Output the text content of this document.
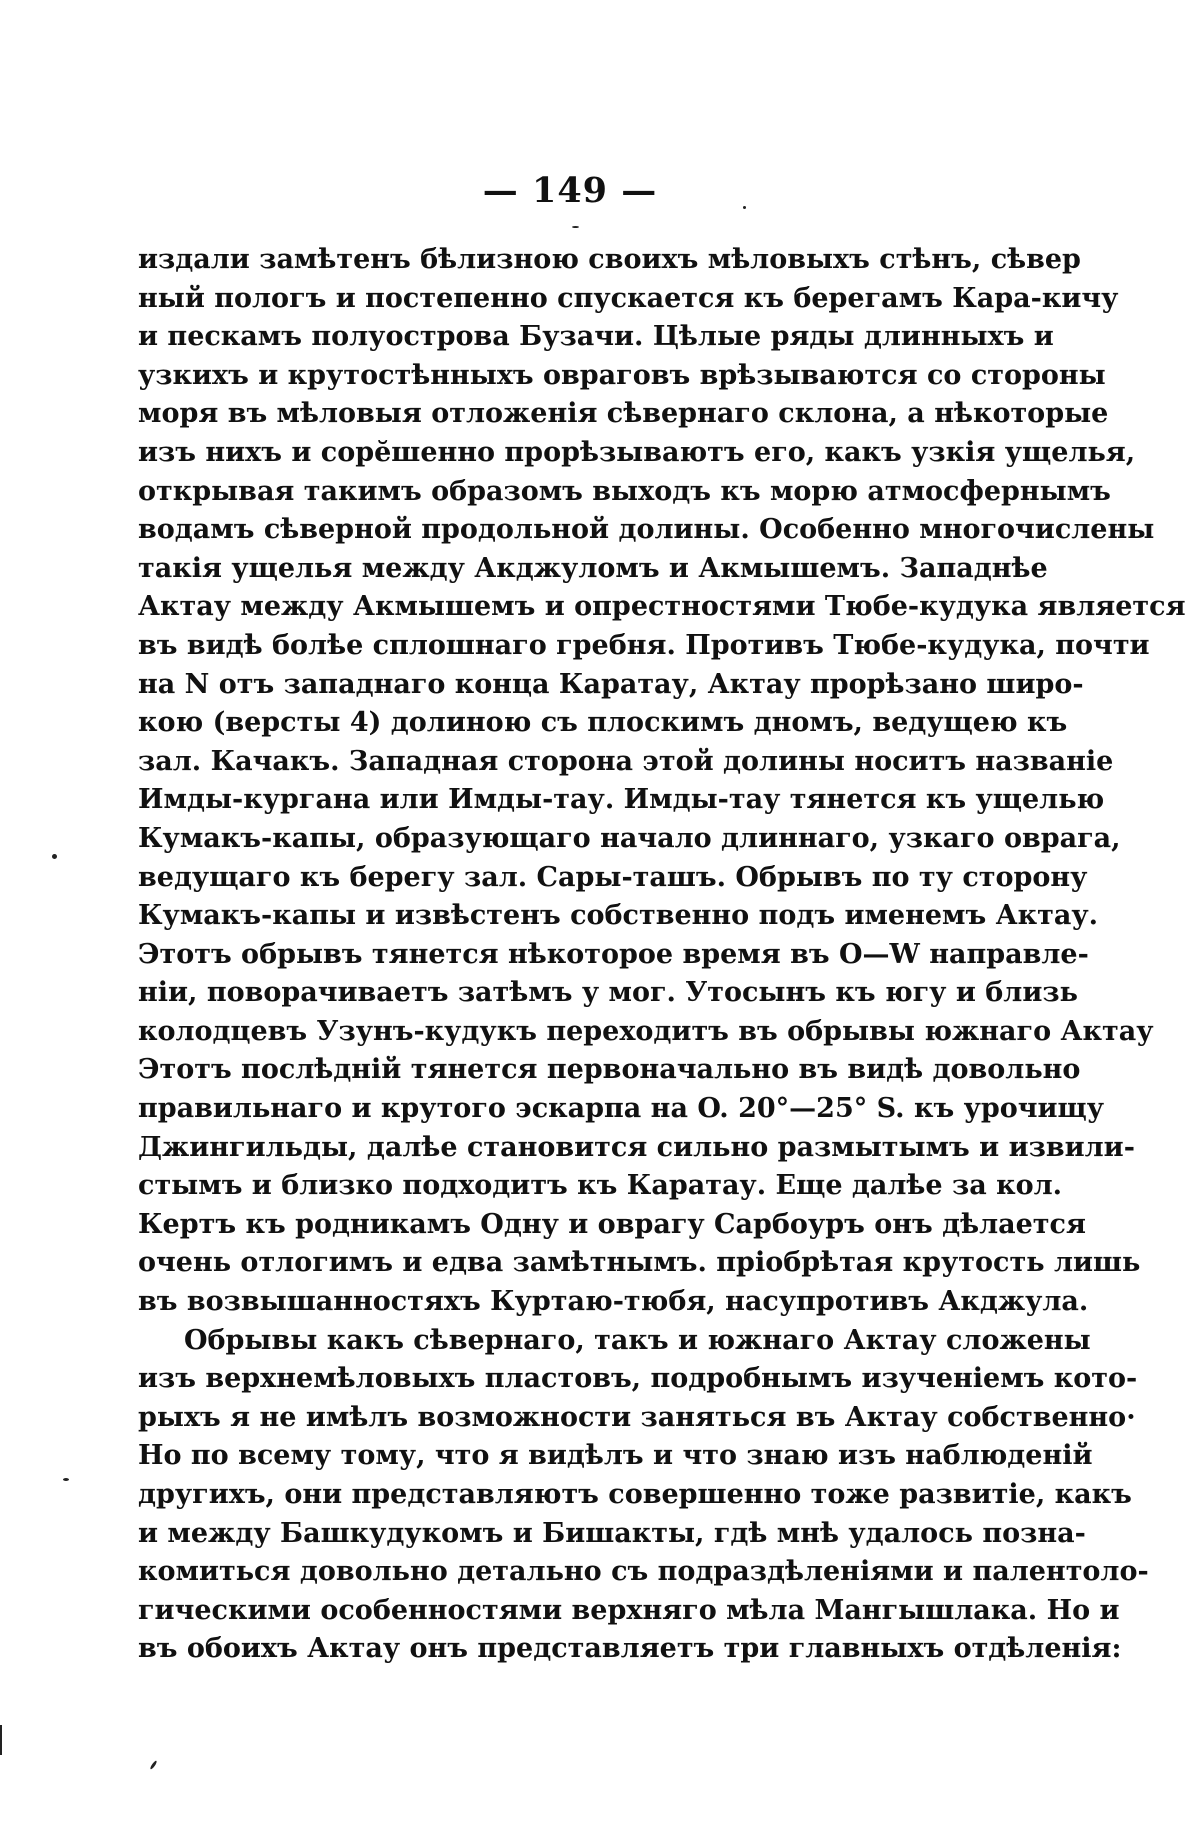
— 149 —
издали замѣтенъ бѣлизною своихъ мѣловыхъ стѣнъ, сѣвер
ный пологъ и постепенно спускается къ берегамъ Кара-кичу
и пескамъ полуострова Бузачи. Цѣлые ряды длинныхъ и
узкихъ и крутостѣнныхъ овраговъ врѣзываются со стороны
моря въ мѣловыя отложенія сѣвернаго склона, а нѣкоторые
изъ нихъ и сорӗшенно прорѣзываютъ его, какъ узкія ущелья,
открывая такимъ образомъ выходъ къ морю атмосфернымъ
водамъ сѣверной продольной долины. Особенно многочислены
такія ущелья между Акджуломъ и Акмышемъ. Западнѣе
Актау между Акмышемъ и опрестностями Тюбе-кудука является
въ видѣ болѣе сплошнаго гребня. Противъ Тюбе-кудука, почти
на N отъ западнаго конца Каратау, Актау прорѣзано широ-
кою (версты 4) долиною съ плоскимъ дномъ, ведущею къ
зал. Качакъ. Западная сторона этой долины носитъ названіе
Имды-кургана или Имды-тау. Имды-тау тянется къ ущелью
Кумакъ-капы, образующаго начало длиннаго, узкаго оврага,
ведущаго къ берегу зал. Сары-ташъ. Обрывъ по ту сторону
Кумакъ-капы и извѣстенъ собственно подъ именемъ Актау.
Этотъ обрывъ тянется нѣкоторое время въ O—W направле-
ніи, поворачиваетъ затѣмъ у мог. Утосынъ къ югу и близь
колодцевъ Узунъ-кудукъ переходитъ въ обрывы южнаго Актау
Этотъ послѣдній тянется первоначально въ видѣ довольно
правильнаго и крутого эскарпа на O. 20°—25° S. къ урочищу
Джингильды, далѣе становится сильно размытымъ и извили-
стымъ и близко подходитъ къ Каратау. Еще далѣе за кол.
Кертъ къ родникамъ Одну и оврагу Сарбоуръ онъ дѣлается
очень отлогимъ и едва замѣтнымъ. пріобрѣтая крутость лишь
въ возвышанностяхъ Куртаю-тюбя, насупротивъ Акджула.
Обрывы какъ сѣвернаго, такъ и южнаго Актау сложены
изъ верхнемѣловыхъ пластовъ, подробнымъ изученіемъ кото-
рыхъ я не имѣлъ возможности заняться въ Актау собственно·
Но по всему тому, что я видѣлъ и что знаю изъ наблюденій
другихъ, они представляютъ совершенно тоже развитіе, какъ
и между Башкудукомъ и Бишакты, гдѣ мнѣ удалось позна-
комиться довольно детально съ подраздѣленіями и палентоло-
гическими особенностями верхняго мѣла Мангышлака. Но и
въ обоихъ Актау онъ представляетъ три главныхъ отдѣленія:
